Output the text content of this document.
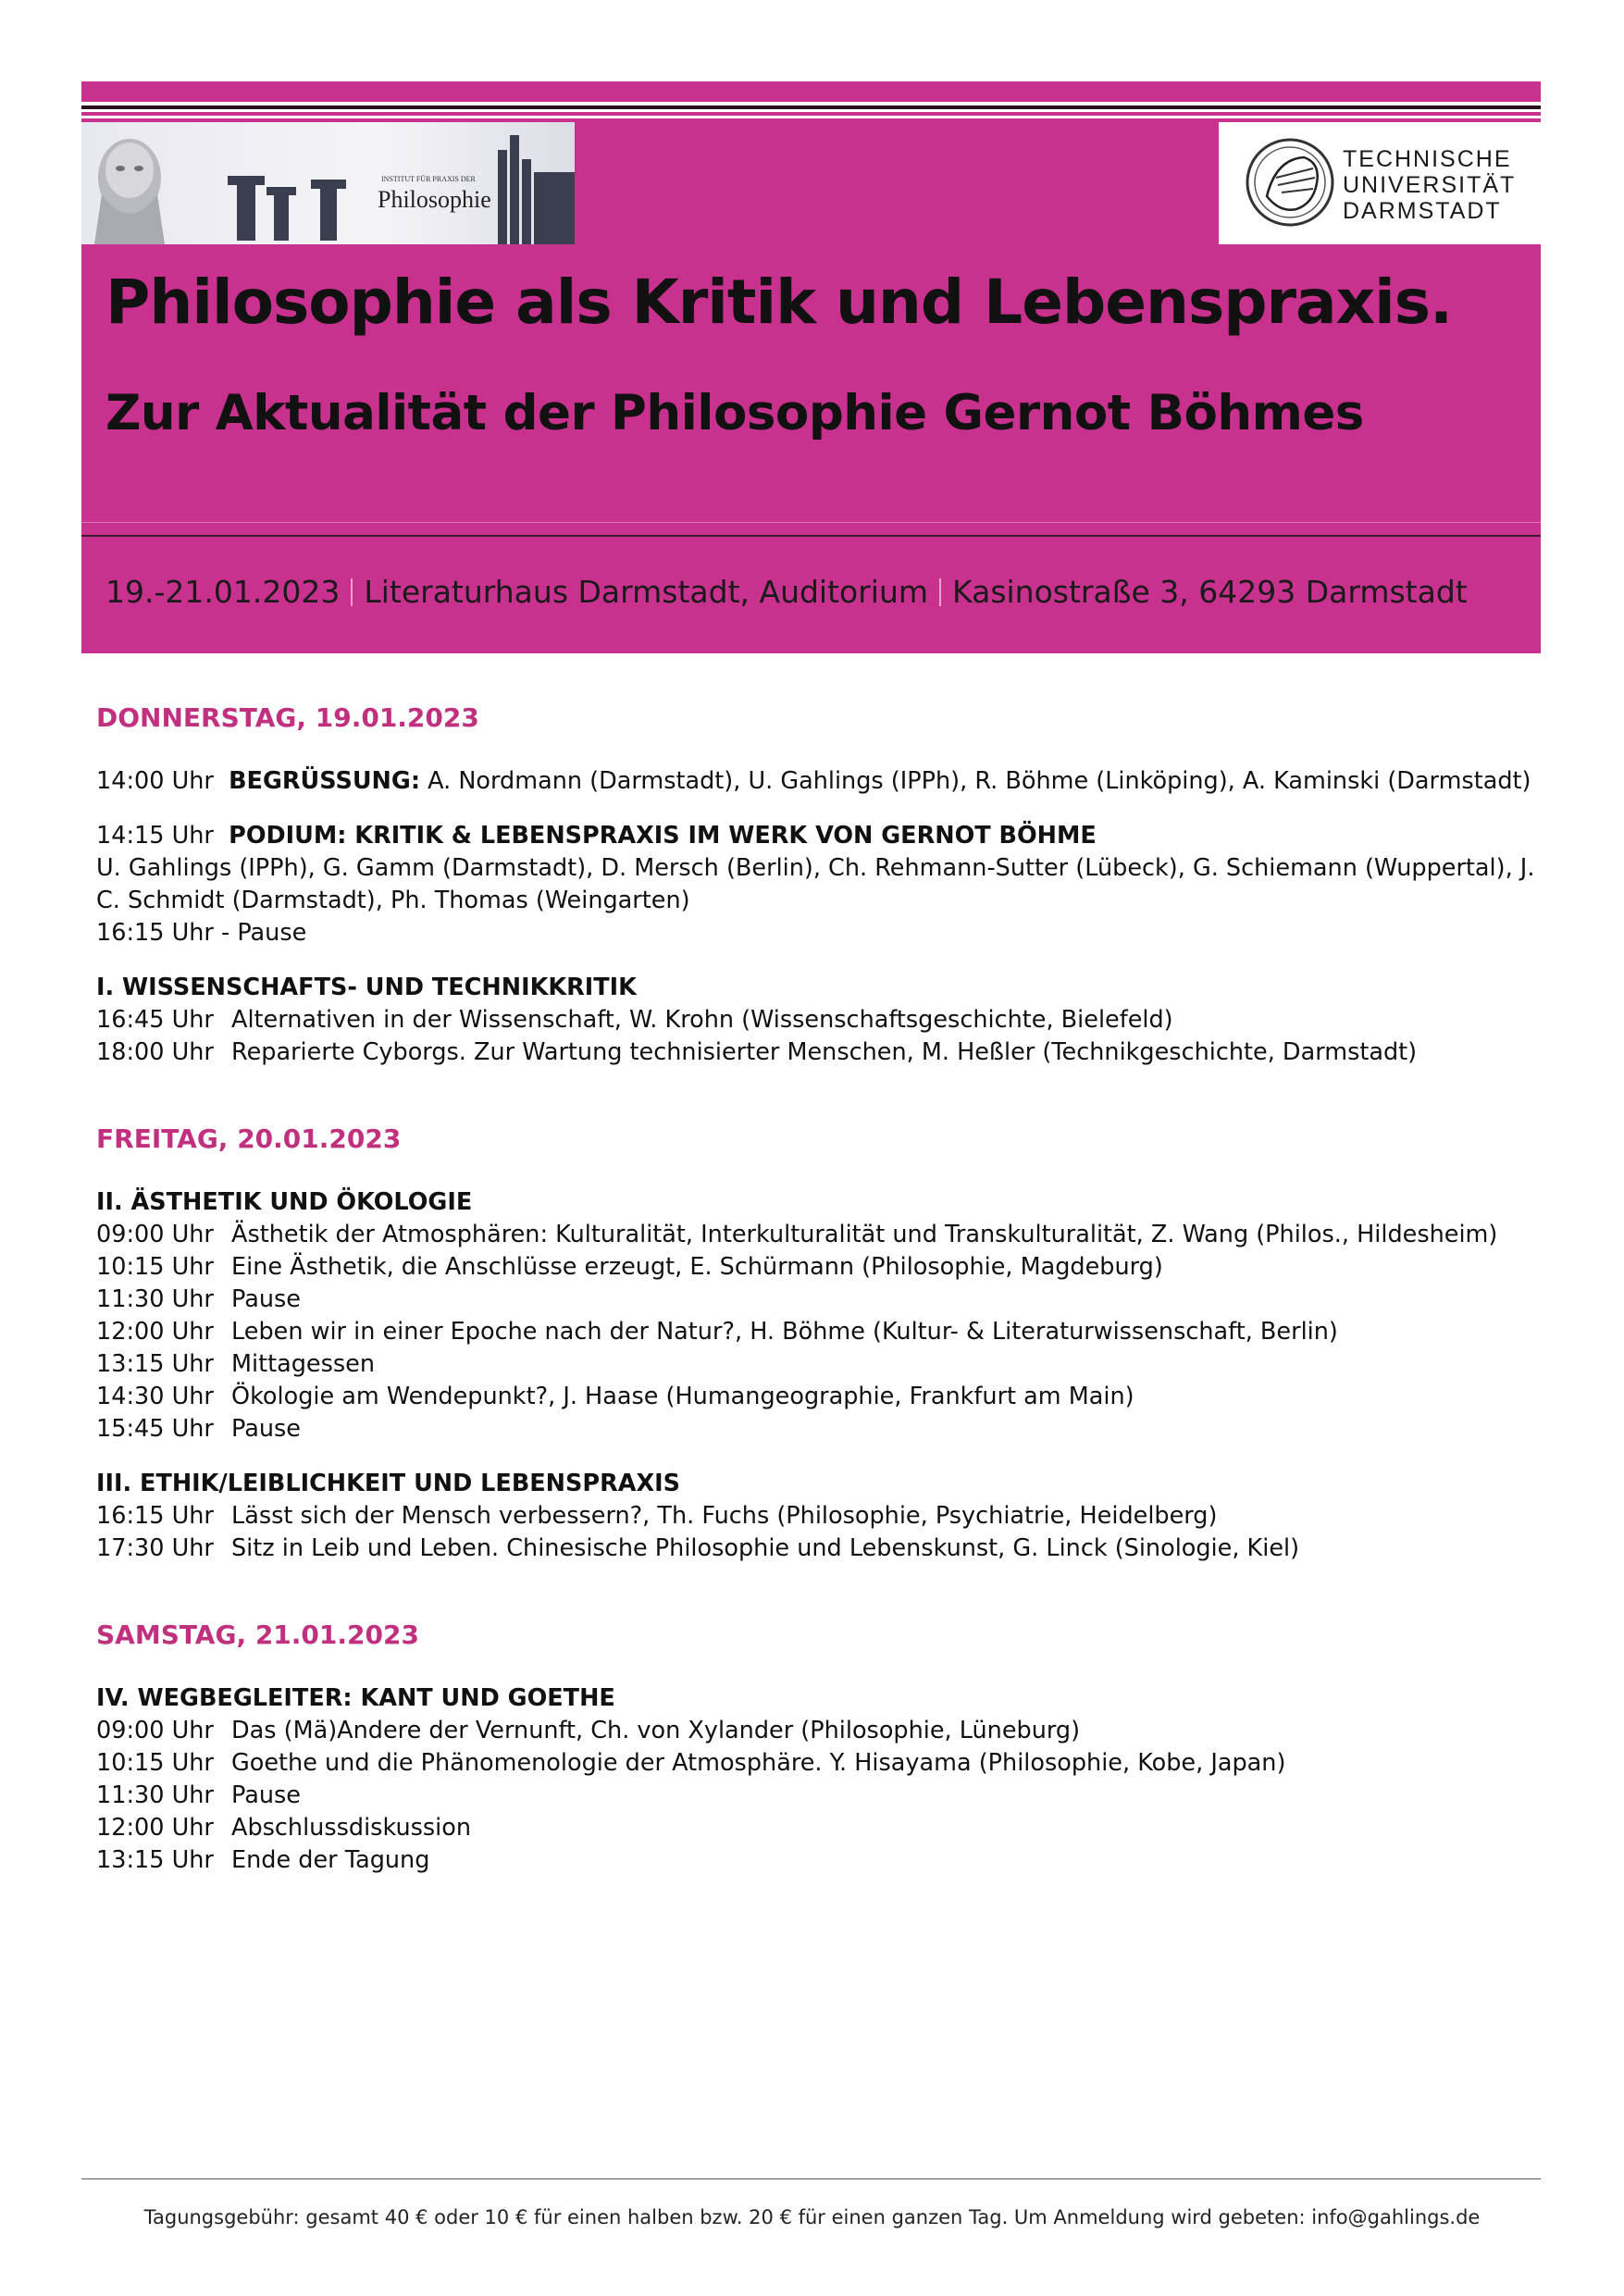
INSTITUT FÜR PRAXIS DER
Philosophie
TECHNISCHE
UNIVERSITÄT
DARMSTADT
Philosophie als Kritik und Lebenspraxis.
Zur Aktualität der Philosophie Gernot Böhmes
19.-21.01.2023 Literaturhaus Darmstadt, Auditorium Kasinostraße 3, 64293 Darmstadt
DONNERSTAG, 19.01.2023
14:00 Uhr BEGRÜSSUNG: A. Nordmann (Darmstadt), U. Gahlings (IPPh), R. Böhme (Linköping), A. Kaminski (Darmstadt)
14:15 Uhr PODIUM: KRITIK & LEBENSPRAXIS IM WERK VON GERNOT BÖHME
U. Gahlings (IPPh), G. Gamm (Darmstadt), D. Mersch (Berlin), Ch. Rehmann-Sutter (Lübeck), G. Schiemann (Wuppertal), J. C. Schmidt (Darmstadt), Ph. Thomas (Weingarten)
16:15 Uhr - Pause
I. WISSENSCHAFTS- UND TECHNIKKRITIK
16:45 Uhr Alternativen in der Wissenschaft, W. Krohn (Wissenschaftsgeschichte, Bielefeld)
18:00 Uhr Reparierte Cyborgs. Zur Wartung technisierter Menschen, M. Heßler (Technikgeschichte, Darmstadt)
FREITAG, 20.01.2023
II. ÄSTHETIK UND ÖKOLOGIE
09:00 Uhr Ästhetik der Atmosphären: Kulturalität, Interkulturalität und Transkulturalität, Z. Wang (Philos., Hildesheim)
10:15 Uhr Eine Ästhetik, die Anschlüsse erzeugt, E. Schürmann (Philosophie, Magdeburg)
11:30 Uhr Pause
12:00 Uhr Leben wir in einer Epoche nach der Natur?, H. Böhme (Kultur- & Literaturwissenschaft, Berlin)
13:15 Uhr Mittagessen
14:30 Uhr Ökologie am Wendepunkt?, J. Haase (Humangeographie, Frankfurt am Main)
15:45 Uhr Pause
III. ETHIK/LEIBLICHKEIT UND LEBENSPRAXIS
16:15 Uhr Lässt sich der Mensch verbessern?, Th. Fuchs (Philosophie, Psychiatrie, Heidelberg)
17:30 Uhr Sitz in Leib und Leben. Chinesische Philosophie und Lebenskunst, G. Linck (Sinologie, Kiel)
SAMSTAG, 21.01.2023
IV. WEGBEGLEITER: KANT UND GOETHE
09:00 Uhr Das (Mä)Andere der Vernunft, Ch. von Xylander (Philosophie, Lüneburg)
10:15 Uhr Goethe und die Phänomenologie der Atmosphäre. Y. Hisayama (Philosophie, Kobe, Japan)
11:30 Uhr Pause
12:00 Uhr Abschlussdiskussion
13:15 Uhr Ende der Tagung
Tagungsgebühr: gesamt 40 € oder 10 € für einen halben bzw. 20 € für einen ganzen Tag. Um Anmeldung wird gebeten: info@gahlings.de
